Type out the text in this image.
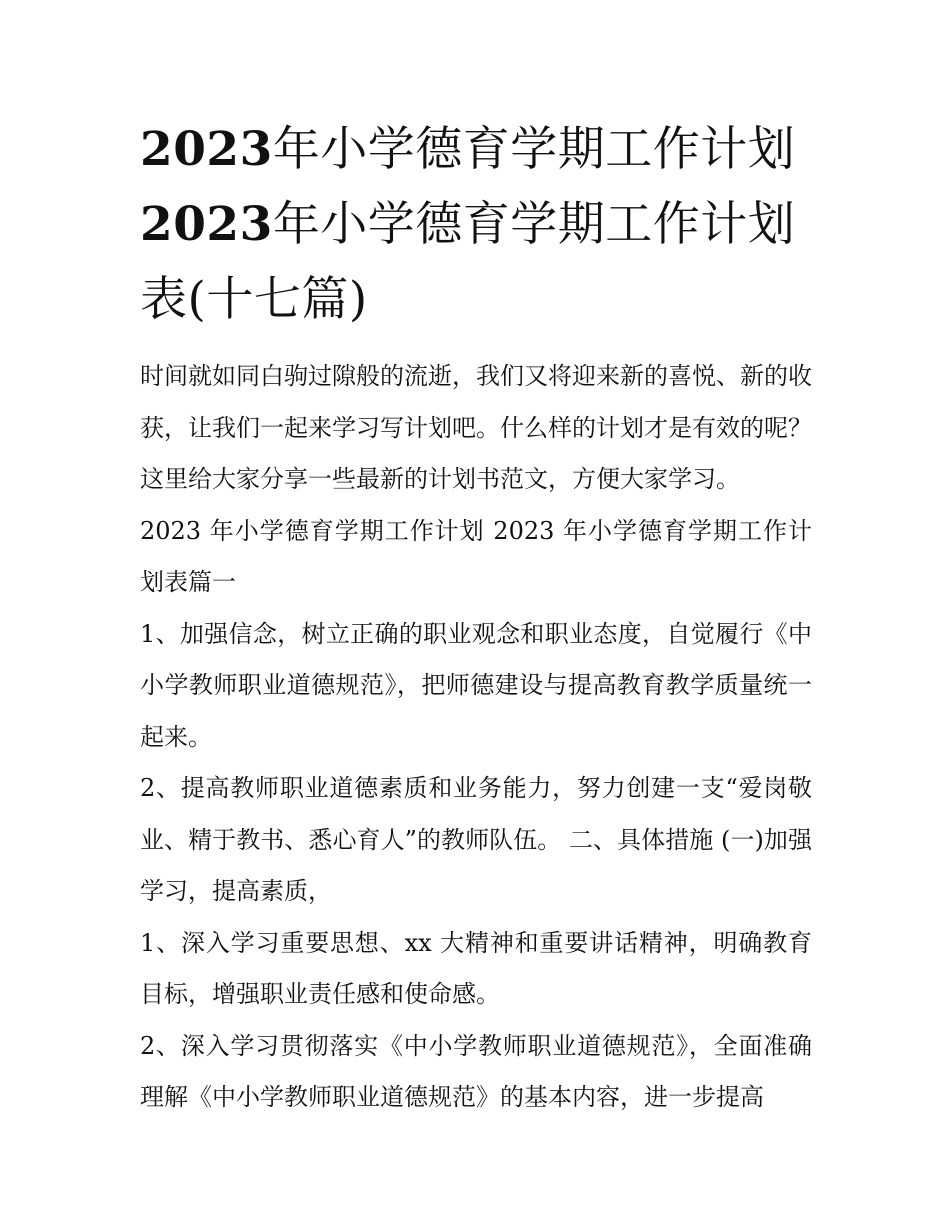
2023年小学德育学期工作计划
2023年小学德育学期工作计划
表(十七篇)

时间就如同白驹过隙般的流逝，我们又将迎来新的喜悦、新的收获，让我们一起来学习写计划吧。什么样的计划才是有效的呢？这里给大家分享一些最新的计划书范文，方便大家学习。

2023 年小学德育学期工作计划 2023 年小学德育学期工作计划表篇一

1、加强信念，树立正确的职业观念和职业态度，自觉履行《中小学教师职业道德规范》，把师德建设与提高教育教学质量统一起来。

2、提高教师职业道德素质和业务能力，努力创建一支“爱岗敬业、精于教书、悉心育人”的教师队伍。 二、具体措施 (一)加强学习，提高素质，

1、深入学习重要思想、xx 大精神和重要讲话精神，明确教育目标，增强职业责任感和使命感。

2、深入学习贯彻落实《中小学教师职业道德规范》，全面准确理解《中小学教师职业道德规范》的基本内容，进一步提高
